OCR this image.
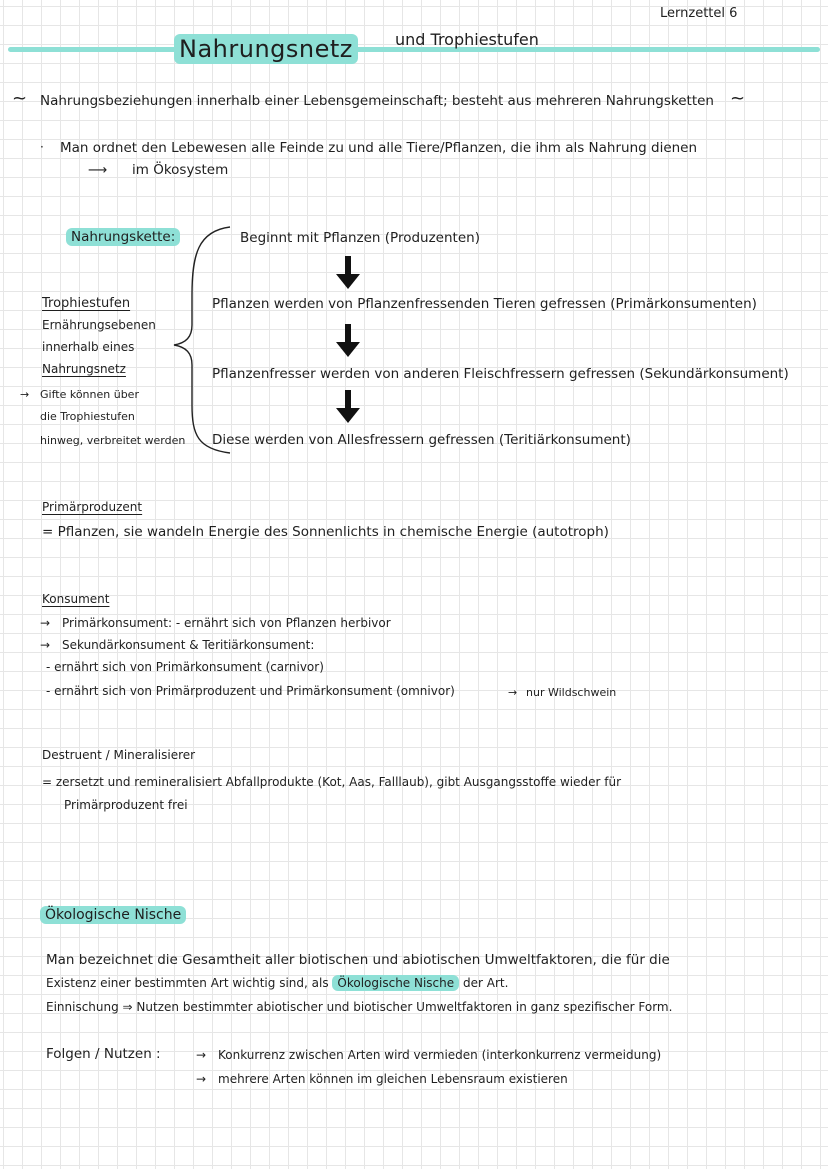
Lernzettel 6
Nahrungsnetz	und Trophiestufen
~ Nahrungsbeziehungen innerhalb einer Lebensgemeinschaft; besteht aus mehreren Nahrungsketten ~
· Man ordnet den Lebewesen alle Feinde zu und alle Tiere/Pflanzen, die ihm als Nahrung dienen
⟶ im Ökosystem
Nahrungskette:	Beginnt mit Pflanzen (Produzenten)
Pflanzen werden von Pflanzenfressenden Tieren gefressen (Primärkonsumenten)
Pflanzenfresser werden von anderen Fleischfressern gefressen (Sekundärkonsument)
Diese werden von Allesfressern gefressen (Teritiärkonsument)
Trophiestufen
Ernährungsebenen
innerhalb eines
Nahrungsnetz
→ Gifte können über
die Trophiestufen
hinweg, verbreitet werden
Primärproduzent
= Pflanzen, sie wandeln Energie des Sonnenlichts in chemische Energie (autotroph)
Konsument
→ Primärkonsument: - ernährt sich von Pflanzen herbivor
→ Sekundärkonsument & Teritiärkonsument:
- ernährt sich von Primärkonsument (carnivor)
- ernährt sich von Primärproduzent und Primärkonsument (omnivor)	→ nur Wildschwein
Destruent / Mineralisierer
= zersetzt und remineralisiert Abfallprodukte (Kot, Aas, Falllaub), gibt Ausgangsstoffe wieder für
Primärproduzent frei
Ökologische Nische
Man bezeichnet die Gesamtheit aller biotischen und abiotischen Umweltfaktoren, die für die
Existenz einer bestimmten Art wichtig sind, als Ökologische Nische der Art.
Einnischung ⇒ Nutzen bestimmter abiotischer und biotischer Umweltfaktoren in ganz spezifischer Form.
Folgen / Nutzen :	→ Konkurrenz zwischen Arten wird vermieden (interkonkurrenz vermeidung)
→ mehrere Arten können im gleichen Lebensraum existieren
